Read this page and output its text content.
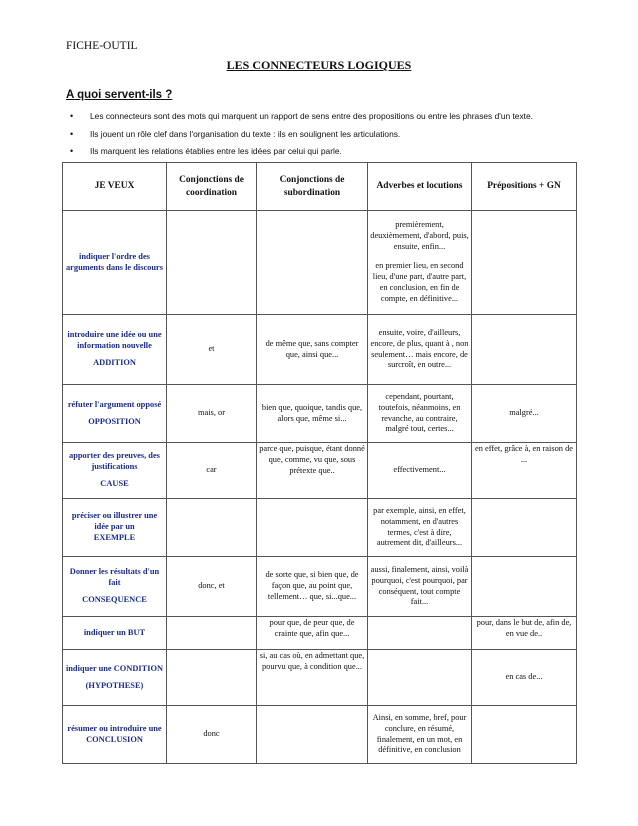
FICHE-OUTIL
LES CONNECTEURS LOGIQUES
A quoi servent-ils ?
• Les connecteurs sont des mots qui marquent un rapport de sens entre des propositions ou entre les phrases d'un texte.
• Ils jouent un rôle clef dans l'organisation du texte : ils en soulignent les articulations.
• Ils marquent les relations établies entre les idées par celui qui parle.
JE VEUX	Conjonctions de coordination	Conjonctions de subordination	Adverbes et locutions	Prépositions + GN

indiquer l'ordre des arguments dans le discours			premièrement, deuxièmement, d'abord, puis, ensuite, enfin...
en premier lieu, en second lieu, d'une part, d'autre part, en conclusion, en fin de compte, en définitive...	

introduire une idée ou une information nouvelle
ADDITION	et	de même que, sans compter que, ainsi que...	ensuite, voire, d'ailleurs, encore, de plus, quant à , non seulement… mais encore, de surcroît, en outre...	

réfuter l'argument opposé
OPPOSITION	mais, or	bien que, quoique, tandis que, alors que, même si...	cependant, pourtant, toutefois, néanmoins, en revanche, au contraire, malgré tout, certes...	malgré...

apporter des preuves, des justifications
CAUSE	car	parce que, puisque, étant donné que, comme, vu que, sous prétexte que..	effectivement...	en effet, grâce à, en raison de ...

préciser ou illustrer une idée par un
EXEMPLE			par exemple, ainsi, en effet, notamment, en d'autres termes, c'est à dire, autrement dit, d'ailleurs...	

Donner les résultats d'un fait
CONSEQUENCE	donc, et	de sorte que, si bien que, de façon que, au point que, tellement… que, si...que...	aussi, finalement, ainsi, voilà pourquoi, c'est pourquoi, par conséquent, tout compte fait...	

indiquer un BUT		pour que, de peur que, de crainte que, afin que...		pour, dans le but de, afin de, en vue de..

indiquer une CONDITION
(HYPOTHESE)		si, au cas où, en admettant que, pourvu que, à condition que...		en cas de...

résumer ou introduire une CONCLUSION	donc		Ainsi, en somme, bref, pour conclure, en résumé, finalement, en un mot, en définitive, en conclusion	
